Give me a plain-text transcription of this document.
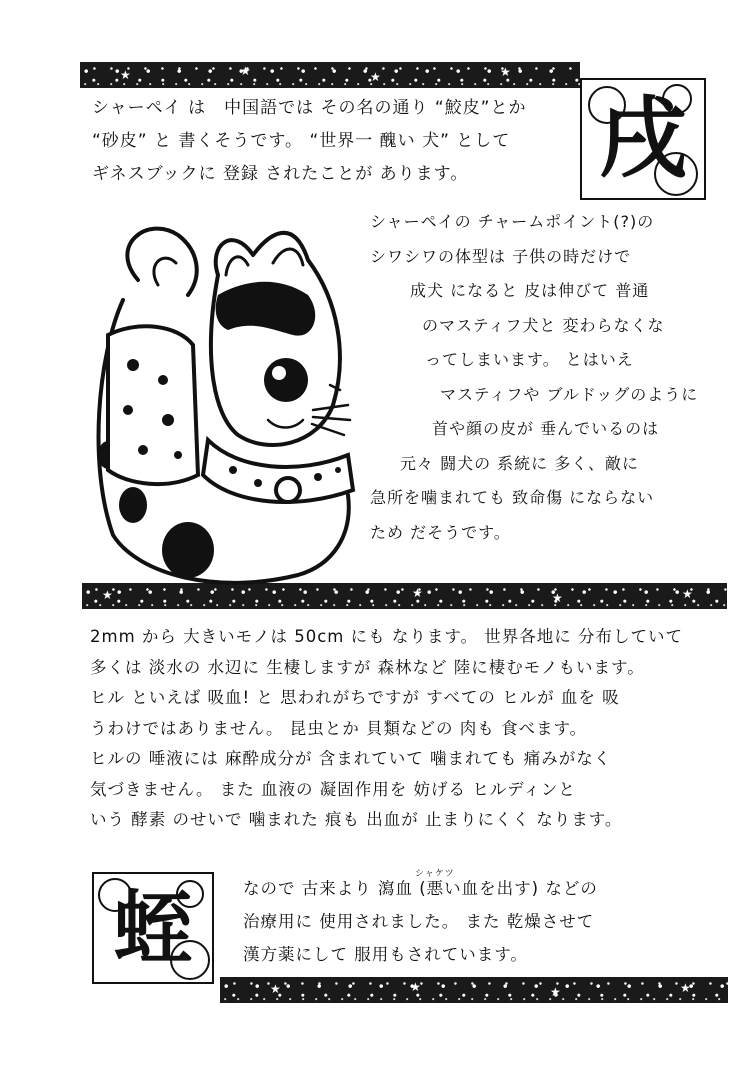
★	★	★	★
★	★	★	★
★	★	★	★
戌

シャーペイ は　中国語では その名の通り “鮫皮”とか

“砂皮” と 書くそうです。 “世界一 醜い 犬” として

ギネスブックに 登録 されたことが あります。

シャーペイの チャームポイント(?)の

シワシワの体型は 子供の時だけで

成犬 になると 皮は伸びて 普通

のマスティフ犬と 変わらなくな

ってしまいます。 とはいえ

マスティフや ブルドッグのように

首や顔の皮が 垂んでいるのは

元々 闘犬の 系統に 多く、敵に

急所を噛まれても 致命傷 にならない

ため だそうです。

2mm から 大きいモノは 50cm にも なります。 世界各地に 分布していて

多くは 淡水の 水辺に 生棲しますが 森林など 陸に棲むモノもいます。

ヒル といえば 吸血! と 思われがちですが すべての ヒルが 血を 吸

うわけではありません。 昆虫とか 貝類などの 肉も 食べます。

ヒルの 唾液には 麻酔成分が 含まれていて 噛まれても 痛みがなく

気づきません。 また 血液の 凝固作用を 妨げる ヒルディンと

いう 酵素 のせいで 噛まれた 痕も 出血が 止まりにくく なります。

蛭
シャケツ

なので 古来より 瀉血 (悪い血を出す) などの

治療用に 使用されました。 また 乾燥させて

漢方薬にして 服用もされています。
